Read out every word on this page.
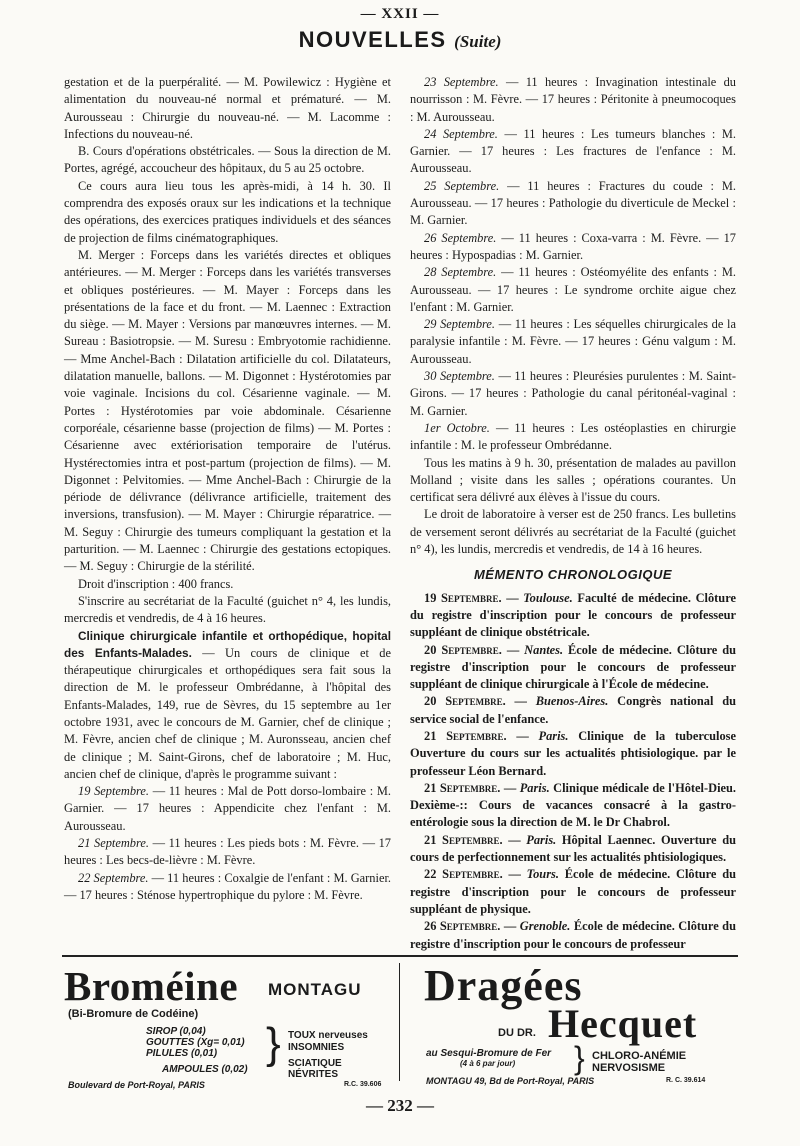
— XXII —
NOUVELLES (Suite)

gestation et de la puerpéralité. — M. Powilewicz : Hygiène et alimentation du nouveau-né normal et prématuré. — M. Aurousseau : Chirurgie du nouveau-né. — M. Lacomme : Infections du nouveau-né.

B. Cours d'opérations obstétricales. — Sous la direction de M. Portes, agrégé, accoucheur des hôpitaux, du 5 au 25 octobre.

Ce cours aura lieu tous les après-midi, à 14 h. 30. Il comprendra des exposés oraux sur les indications et la technique des opérations, des exercices pratiques individuels et des séances de projection de films cinématographiques.

M. Merger : Forceps dans les variétés directes et obliques antérieures. — M. Merger : Forceps dans les variétés transverses et obliques postérieures. — M. Mayer : Forceps dans les présentations de la face et du front. — M. Laennec : Extraction du siège. — M. Mayer : Versions par manœuvres internes. — M. Sureau : Basiotropsie. — M. Suresu : Embryotomie rachidienne. — Mme Anchel-Bach : Dilatation artificielle du col. Dilatateurs, dilatation manuelle, ballons. — M. Digonnet : Hystérotomies par voie vaginale. Incisions du col. Césarienne vaginale. — M. Portes : Hystérotomies par voie abdominale. Césarienne corporéale, césarienne basse (projection de films) — M. Portes : Césarienne avec extériorisation temporaire de l'utérus. Hystérectomies intra et post-partum (projection de films). — M. Digonnet : Pelvitomies. — Mme Anchel-Bach : Chirurgie de la période de délivrance (délivrance artificielle, traitement des inversions, transfusion). — M. Mayer : Chirurgie réparatrice. — M. Seguy : Chirurgie des tumeurs compliquant la gestation et la parturition. — M. Laennec : Chirurgie des gestations ectopiques. — M. Seguy : Chirurgie de la stérilité.

Droit d'inscription : 400 francs.

S'inscrire au secrétariat de la Faculté (guichet n° 4, les lundis, mercredis et vendredis, de 4 à 16 heures.

Clinique chirurgicale infantile et orthopédique, hopital des Enfants-Malades. — Un cours de clinique et de thérapeutique chirurgicales et orthopédiques sera fait sous la direction de M. le professeur Ombrédanne, à l'hôpital des Enfants-Malades, 149, rue de Sèvres, du 15 septembre au 1er octobre 1931, avec le concours de M. Garnier, chef de clinique ; M. Fèvre, ancien chef de clinique ; M. Auronsseau, ancien chef de clinique ; M. Saint-Girons, chef de laboratoire ; M. Huc, ancien chef de clinique, d'après le programme suivant :

19 Septembre. — 11 heures : Mal de Pott dorso-lombaire : M. Garnier. — 17 heures : Appendicite chez l'enfant : M. Aurousseau.

21 Septembre. — 11 heures : Les pieds bots : M. Fèvre. — 17 heures : Les becs-de-lièvre : M. Fèvre.

22 Septembre. — 11 heures : Coxalgie de l'enfant : M. Garnier. — 17 heures : Sténose hypertrophique du pylore : M. Fèvre.

23 Septembre. — 11 heures : Invagination intestinale du nourrisson : M. Fèvre. — 17 heures : Péritonite à pneumocoques : M. Aurousseau.

24 Septembre. — 11 heures : Les tumeurs blanches : M. Garnier. — 17 heures : Les fractures de l'enfance : M. Aurousseau.

25 Septembre. — 11 heures : Fractures du coude : M. Aurousseau. — 17 heures : Pathologie du diverticule de Meckel : M. Garnier.

26 Septembre. — 11 heures : Coxa-varra : M. Fèvre. — 17 heures : Hypospadias : M. Garnier.

28 Septembre. — 11 heures : Ostéomyélite des enfants : M. Aurousseau. — 17 heures : Le syndrome orchite aigue chez l'enfant : M. Garnier.

29 Septembre. — 11 heures : Les séquelles chirurgicales de la paralysie infantile : M. Fèvre. — 17 heures : Génu valgum : M. Aurousseau.

30 Septembre. — 11 heures : Pleurésies purulentes : M. Saint-Girons. — 17 heures : Pathologie du canal péritonéal-vaginal : M. Garnier.

1er Octobre. — 11 heures : Les ostéoplasties en chirurgie infantile : M. le professeur Ombrédanne.

Tous les matins à 9 h. 30, présentation de malades au pavillon Molland ; visite dans les salles ; opérations courantes. Un certificat sera délivré aux élèves à l'issue du cours.

Le droit de laboratoire à verser est de 250 francs. Les bulletins de versement seront délivrés au secrétariat de la Faculté (guichet n° 4), les lundis, mercredis et vendredis, de 14 à 16 heures.

MÉMENTO CHRONOLOGIQUE

19 Septembre. — Toulouse. Faculté de médecine. Clôture du registre d'inscription pour le concours de professeur suppléant de clinique obstétricale.

20 Septembre. — Nantes. École de médecine. Clôture du registre d'inscription pour le concours de professeur suppléant de clinique chirurgicale à l'École de médecine.

20 Septembre. — Buenos-Aires. Congrès national du service social de l'enfance.

21 Septembre. — Paris. Clinique de la tuberculose Ouverture du cours sur les actualités phtisiologique. par le professeur Léon Bernard.

21 Septembre. — Paris. Clinique médicale de l'Hôtel-Dieu. Dexième-:: Cours de vacances consacré à la gastro-entérologie sous la direction de M. le Dr Chabrol.

21 Septembre. — Paris. Hôpital Laennec. Ouverture du cours de perfectionnement sur les actualités phtisiologiques.

22 Septembre. — Tours. École de médecine. Clôture du registre d'inscription pour le concours de professeur suppléant de physique.

26 Septembre. — Grenoble. École de médecine. Clôture du registre d'inscription pour le concours de professeur

Broméine MONTAGU
(Bi-Bromure de Codéine)
SIROP (0,04)
GOUTTES (Xg= 0,01)
PILULES (0,01) } TOUX nerveuses
INSOMNIES
AMPOULES (0,02)
SCIATIQUE
NÉVRITES
Boulevard de Port-Royal, PARIS	R.C. 39.606
Dragées
DU DR. Hecquet
au Sesqui-Bromure de Fer
(4 à 6 par jour) } CHLORO-ANÉMIE
NERVOSISME
MONTAGU 49, Bd de Port-Royal, PARIS	R. C. 39.614
— 232 —
